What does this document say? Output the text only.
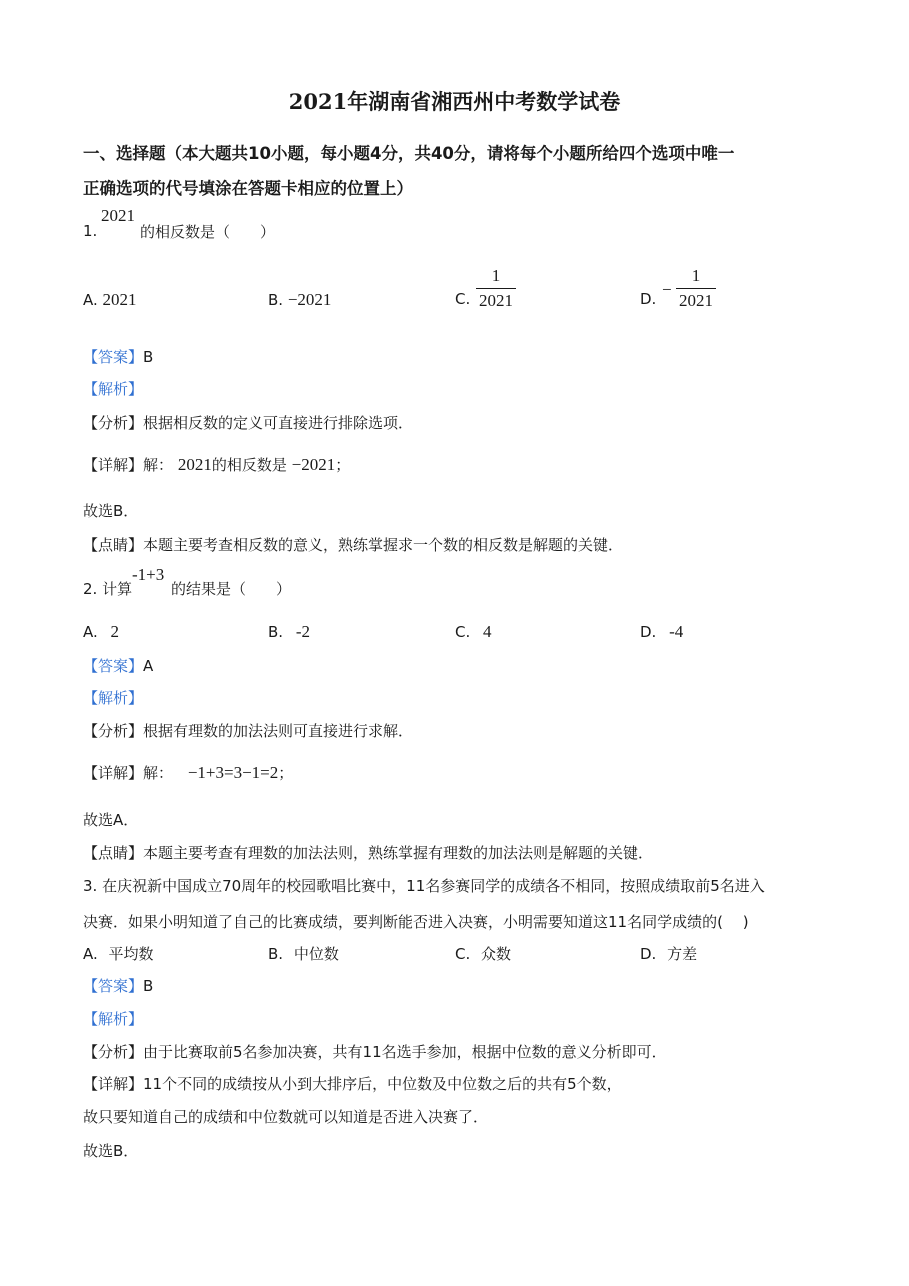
2021年湖南省湘西州中考数学试卷
一、选择题（本大题共10小题，每小题4分，共40分，请将每个小题所给四个选项中唯一
正确选项的代号填涂在答题卡相应的位置上）
1.
2021
的相反数是（　　）
A. 2021	B. −2021	C.
1
2021	D. −
1
2021
【答案】B
【解析】
【分析】根据相反数的定义可直接进行排除选项．
【详解】解： 2021的相反数是 −2021；
故选B．
【点睛】本题主要考查相反数的意义，熟练掌握求一个数的相反数是解题的关键．
2. 计算
-1+3
的结果是（　　）
A. 2	B. -2	C. 4	D. -4
【答案】A
【解析】
【分析】根据有理数的加法法则可直接进行求解．
【详解】解： −1+3=3−1=2；
故选A．
【点睛】本题主要考查有理数的加法法则，熟练掌握有理数的加法法则是解题的关键．
3. 在庆祝新中国成立70周年的校园歌唱比赛中，11名参赛同学的成绩各不相同，按照成绩取前5名进入
决赛．如果小明知道了自己的比赛成绩，要判断能否进入决赛，小明需要知道这11名同学成绩的(　 )
A. 平均数	B. 中位数	C. 众数	D. 方差
【答案】B
【解析】
【分析】由于比赛取前5名参加决赛，共有11名选手参加，根据中位数的意义分析即可．
【详解】11个不同的成绩按从小到大排序后，中位数及中位数之后的共有5个数，
故只要知道自己的成绩和中位数就可以知道是否进入决赛了．
故选B．
